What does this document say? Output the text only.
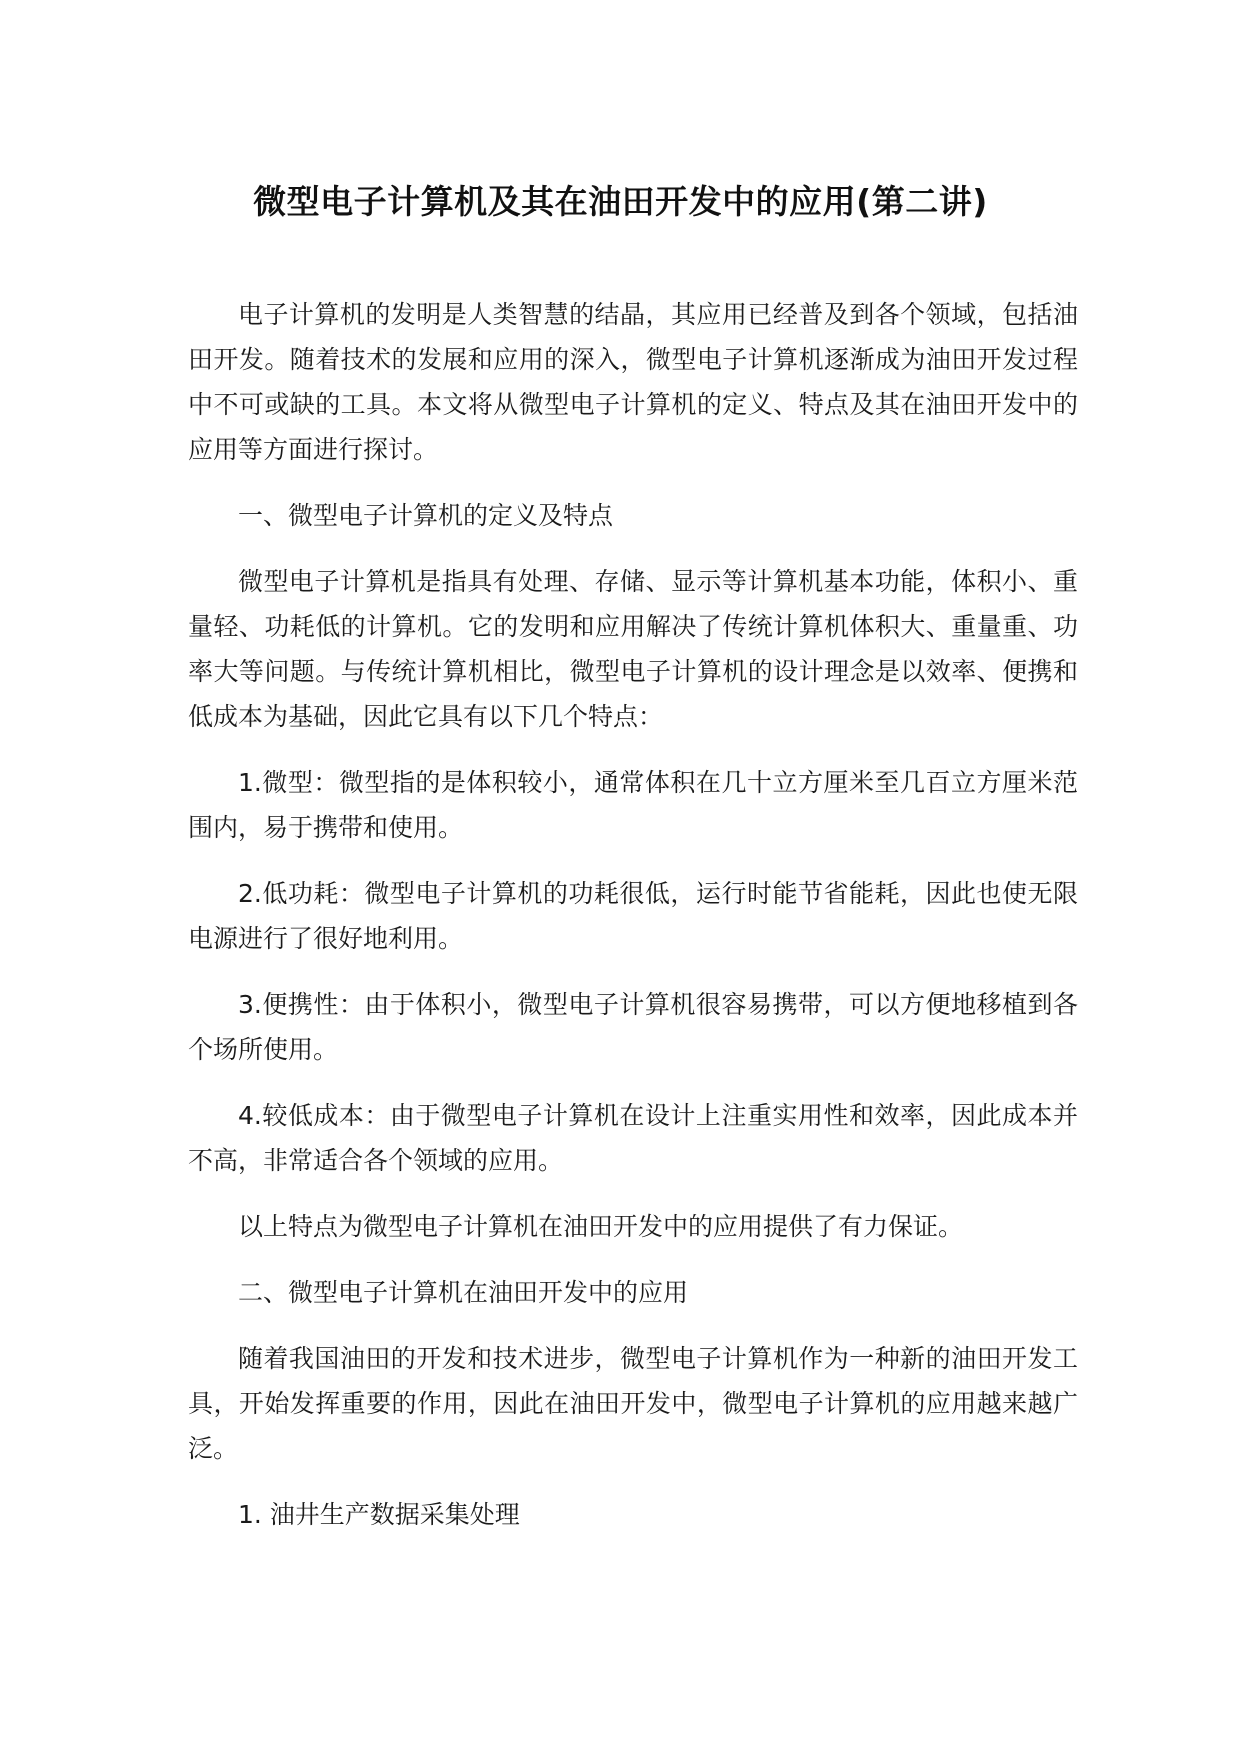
微型电子计算机及其在油田开发中的应用(第二讲)

电子计算机的发明是人类智慧的结晶，其应用已经普及到各个领域，包括油田开发。随着技术的发展和应用的深入，微型电子计算机逐渐成为油田开发过程中不可或缺的工具。本文将从微型电子计算机的定义、特点及其在油田开发中的应用等方面进行探讨。

一、微型电子计算机的定义及特点

微型电子计算机是指具有处理、存储、显示等计算机基本功能，体积小、重量轻、功耗低的计算机。它的发明和应用解决了传统计算机体积大、重量重、功率大等问题。与传统计算机相比，微型电子计算机的设计理念是以效率、便携和低成本为基础，因此它具有以下几个特点：

1.微型：微型指的是体积较小，通常体积在几十立方厘米至几百立方厘米范围内，易于携带和使用。

2.低功耗：微型电子计算机的功耗很低，运行时能节省能耗，因此也使无限电源进行了很好地利用。

3.便携性：由于体积小，微型电子计算机很容易携带，可以方便地移植到各个场所使用。

4.较低成本：由于微型电子计算机在设计上注重实用性和效率，因此成本并不高，非常适合各个领域的应用。

以上特点为微型电子计算机在油田开发中的应用提供了有力保证。

二、微型电子计算机在油田开发中的应用

随着我国油田的开发和技术进步，微型电子计算机作为一种新的油田开发工具，开始发挥重要的作用，因此在油田开发中，微型电子计算机的应用越来越广泛。

1. 油井生产数据采集处理
